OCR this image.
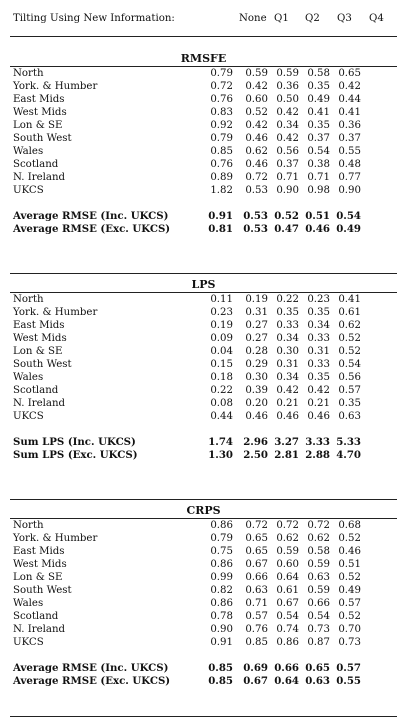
Tilting Using New Information:	None Q1 Q2 Q3 Q4
RMSFE
North	0.79	0.59 0.59 0.58 0.65
York. & Humber	0.72	0.42 0.36 0.35 0.42
East Mids	0.76	0.60 0.50 0.49 0.44
West Mids	0.83	0.52 0.42 0.41 0.41
Lon & SE	0.92	0.42 0.34 0.35 0.36
South West	0.79	0.46 0.42 0.37 0.37
Wales	0.85	0.62 0.56 0.54 0.55
Scotland	0.76	0.46 0.37 0.38 0.48
N. Ireland	0.89	0.72 0.71 0.71 0.77
UKCS	1.82	0.53 0.90 0.98 0.90
Average RMSE (Inc. UKCS)	0.91 0.53 0.52 0.51 0.54
Average RMSE (Exc. UKCS)	0.81 0.53 0.47 0.46 0.49
LPS
North	0.11	0.19 0.22 0.23 0.41
York. & Humber	0.23	0.31 0.35 0.35 0.61
East Mids	0.19	0.27 0.33 0.34 0.62
West Mids	0.09	0.27 0.34 0.33 0.52
Lon & SE	0.04	0.28 0.30 0.31 0.52
South West	0.15	0.29 0.31 0.33 0.54
Wales	0.18	0.30 0.34 0.35 0.56
Scotland	0.22	0.39 0.42 0.42 0.57
N. Ireland	0.08	0.20 0.21 0.21 0.35
UKCS	0.44	0.46 0.46 0.46 0.63
Sum LPS (Inc. UKCS)	1.74 2.96 3.27 3.33 5.33
Sum LPS (Exc. UKCS)	1.30 2.50 2.81 2.88 4.70
CRPS
North	0.86	0.72 0.72 0.72 0.68
York. & Humber	0.79	0.65 0.62 0.62 0.52
East Mids	0.75	0.65 0.59 0.58 0.46
West Mids	0.86	0.67 0.60 0.59 0.51
Lon & SE	0.99	0.66 0.64 0.63 0.52
South West	0.82	0.63 0.61 0.59 0.49
Wales	0.86	0.71 0.67 0.66 0.57
Scotland	0.78	0.57 0.54 0.54 0.52
N. Ireland	0.90	0.76 0.74 0.73 0.70
UKCS	0.91	0.85 0.86 0.87 0.73
Average RMSE (Inc. UKCS)	0.85 0.69 0.66 0.65 0.57
Average RMSE (Exc. UKCS)	0.85 0.67 0.64 0.63 0.55
